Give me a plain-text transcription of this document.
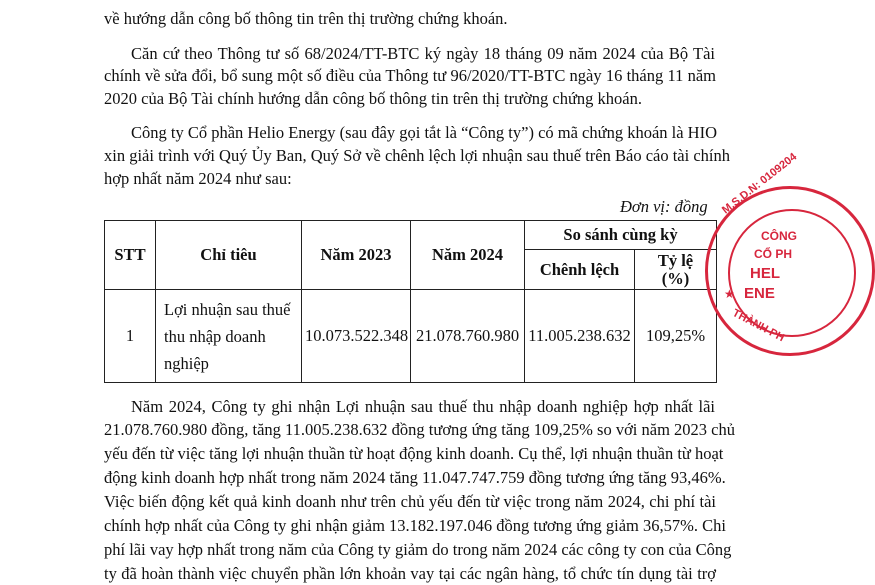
về hướng dẫn công bố thông tin trên thị trường chứng khoán.
Căn cứ theo Thông tư số 68/2024/TT-BTC ký ngày 18 tháng 09 năm 2024 của Bộ Tài
chính về sửa đổi, bổ sung một số điều của Thông tư 96/2020/TT-BTC ngày 16 tháng 11 năm
2020 của Bộ Tài chính hướng dẫn công bố thông tin trên thị trường chứng khoán.
Công ty Cổ phần Helio Energy (sau đây gọi tắt là “Công ty”) có mã chứng khoán là HIO
xin giải trình với Quý Ủy Ban, Quý Sở về chênh lệch lợi nhuận sau thuế trên Báo cáo tài chính
hợp nhất năm 2024 như sau:
Đơn vị: đồng
STT	Chỉ tiêu	Năm 2023	Năm 2024	So sánh cùng kỳ	
				Chênh lệch	Tỷ lệ
(%)

1	Lợi nhuận sau thuế thu nhập doanh nghiệp	10.073.522.348	21.078.760.980	11.005.238.632	109,25%
Năm 2024, Công ty ghi nhận Lợi nhuận sau thuế thu nhập doanh nghiệp hợp nhất lãi
21.078.760.980 đồng, tăng 11.005.238.632 đồng tương ứng tăng 109,25% so với năm 2023 chủ
yếu đến từ việc tăng lợi nhuận thuần từ hoạt động kinh doanh. Cụ thể, lợi nhuận thuần từ hoạt
động kinh doanh hợp nhất trong năm 2024 tăng 11.047.747.759 đồng tương ứng tăng 93,46%.
Việc biến động kết quả kinh doanh như trên chủ yếu đến từ việc trong năm 2024, chi phí tài
chính hợp nhất của Công ty ghi nhận giảm 13.182.197.046 đồng tương ứng giảm 36,57%. Chi
phí lãi vay hợp nhất trong năm của Công ty giảm do trong năm 2024 các công ty con của Công
ty đã hoàn thành việc chuyển phần lớn khoản vay tại các ngân hàng, tổ chức tín dụng tài trợ
M.S.D.N: 0109204
CÔNG
CỔ PH
HEL
ENE
★
THÀNH PH
